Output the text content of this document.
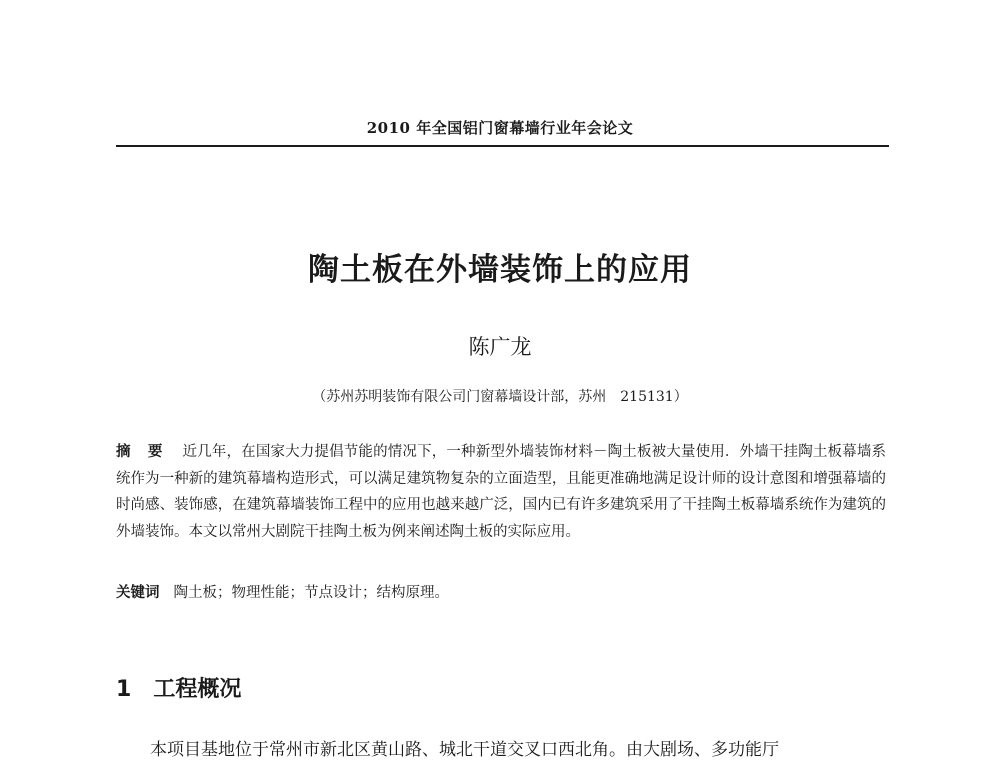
2010 年全国铝门窗幕墙行业年会论文
陶土板在外墙装饰上的应用
陈广龙
（苏州苏明装饰有限公司门窗幕墙设计部，苏州　215131）
摘 要 近几年，在国家大力提倡节能的情况下，一种新型外墙装饰材料－陶土板被大量使用．外墙干挂陶土板幕墙系统作为一种新的建筑幕墙构造形式，可以满足建筑物复杂的立面造型，且能更准确地满足设计师的设计意图和增强幕墙的时尚感、装饰感，在建筑幕墙装饰工程中的应用也越来越广泛，国内已有许多建筑采用了干挂陶土板幕墙系统作为建筑的外墙装饰。本文以常州大剧院干挂陶土板为例来阐述陶土板的实际应用。
关键词 陶土板；物理性能；节点设计；结构原理。
1 工程概况
本项目基地位于常州市新北区黄山路、城北干道交叉口西北角。由大剧场、多功能厅
